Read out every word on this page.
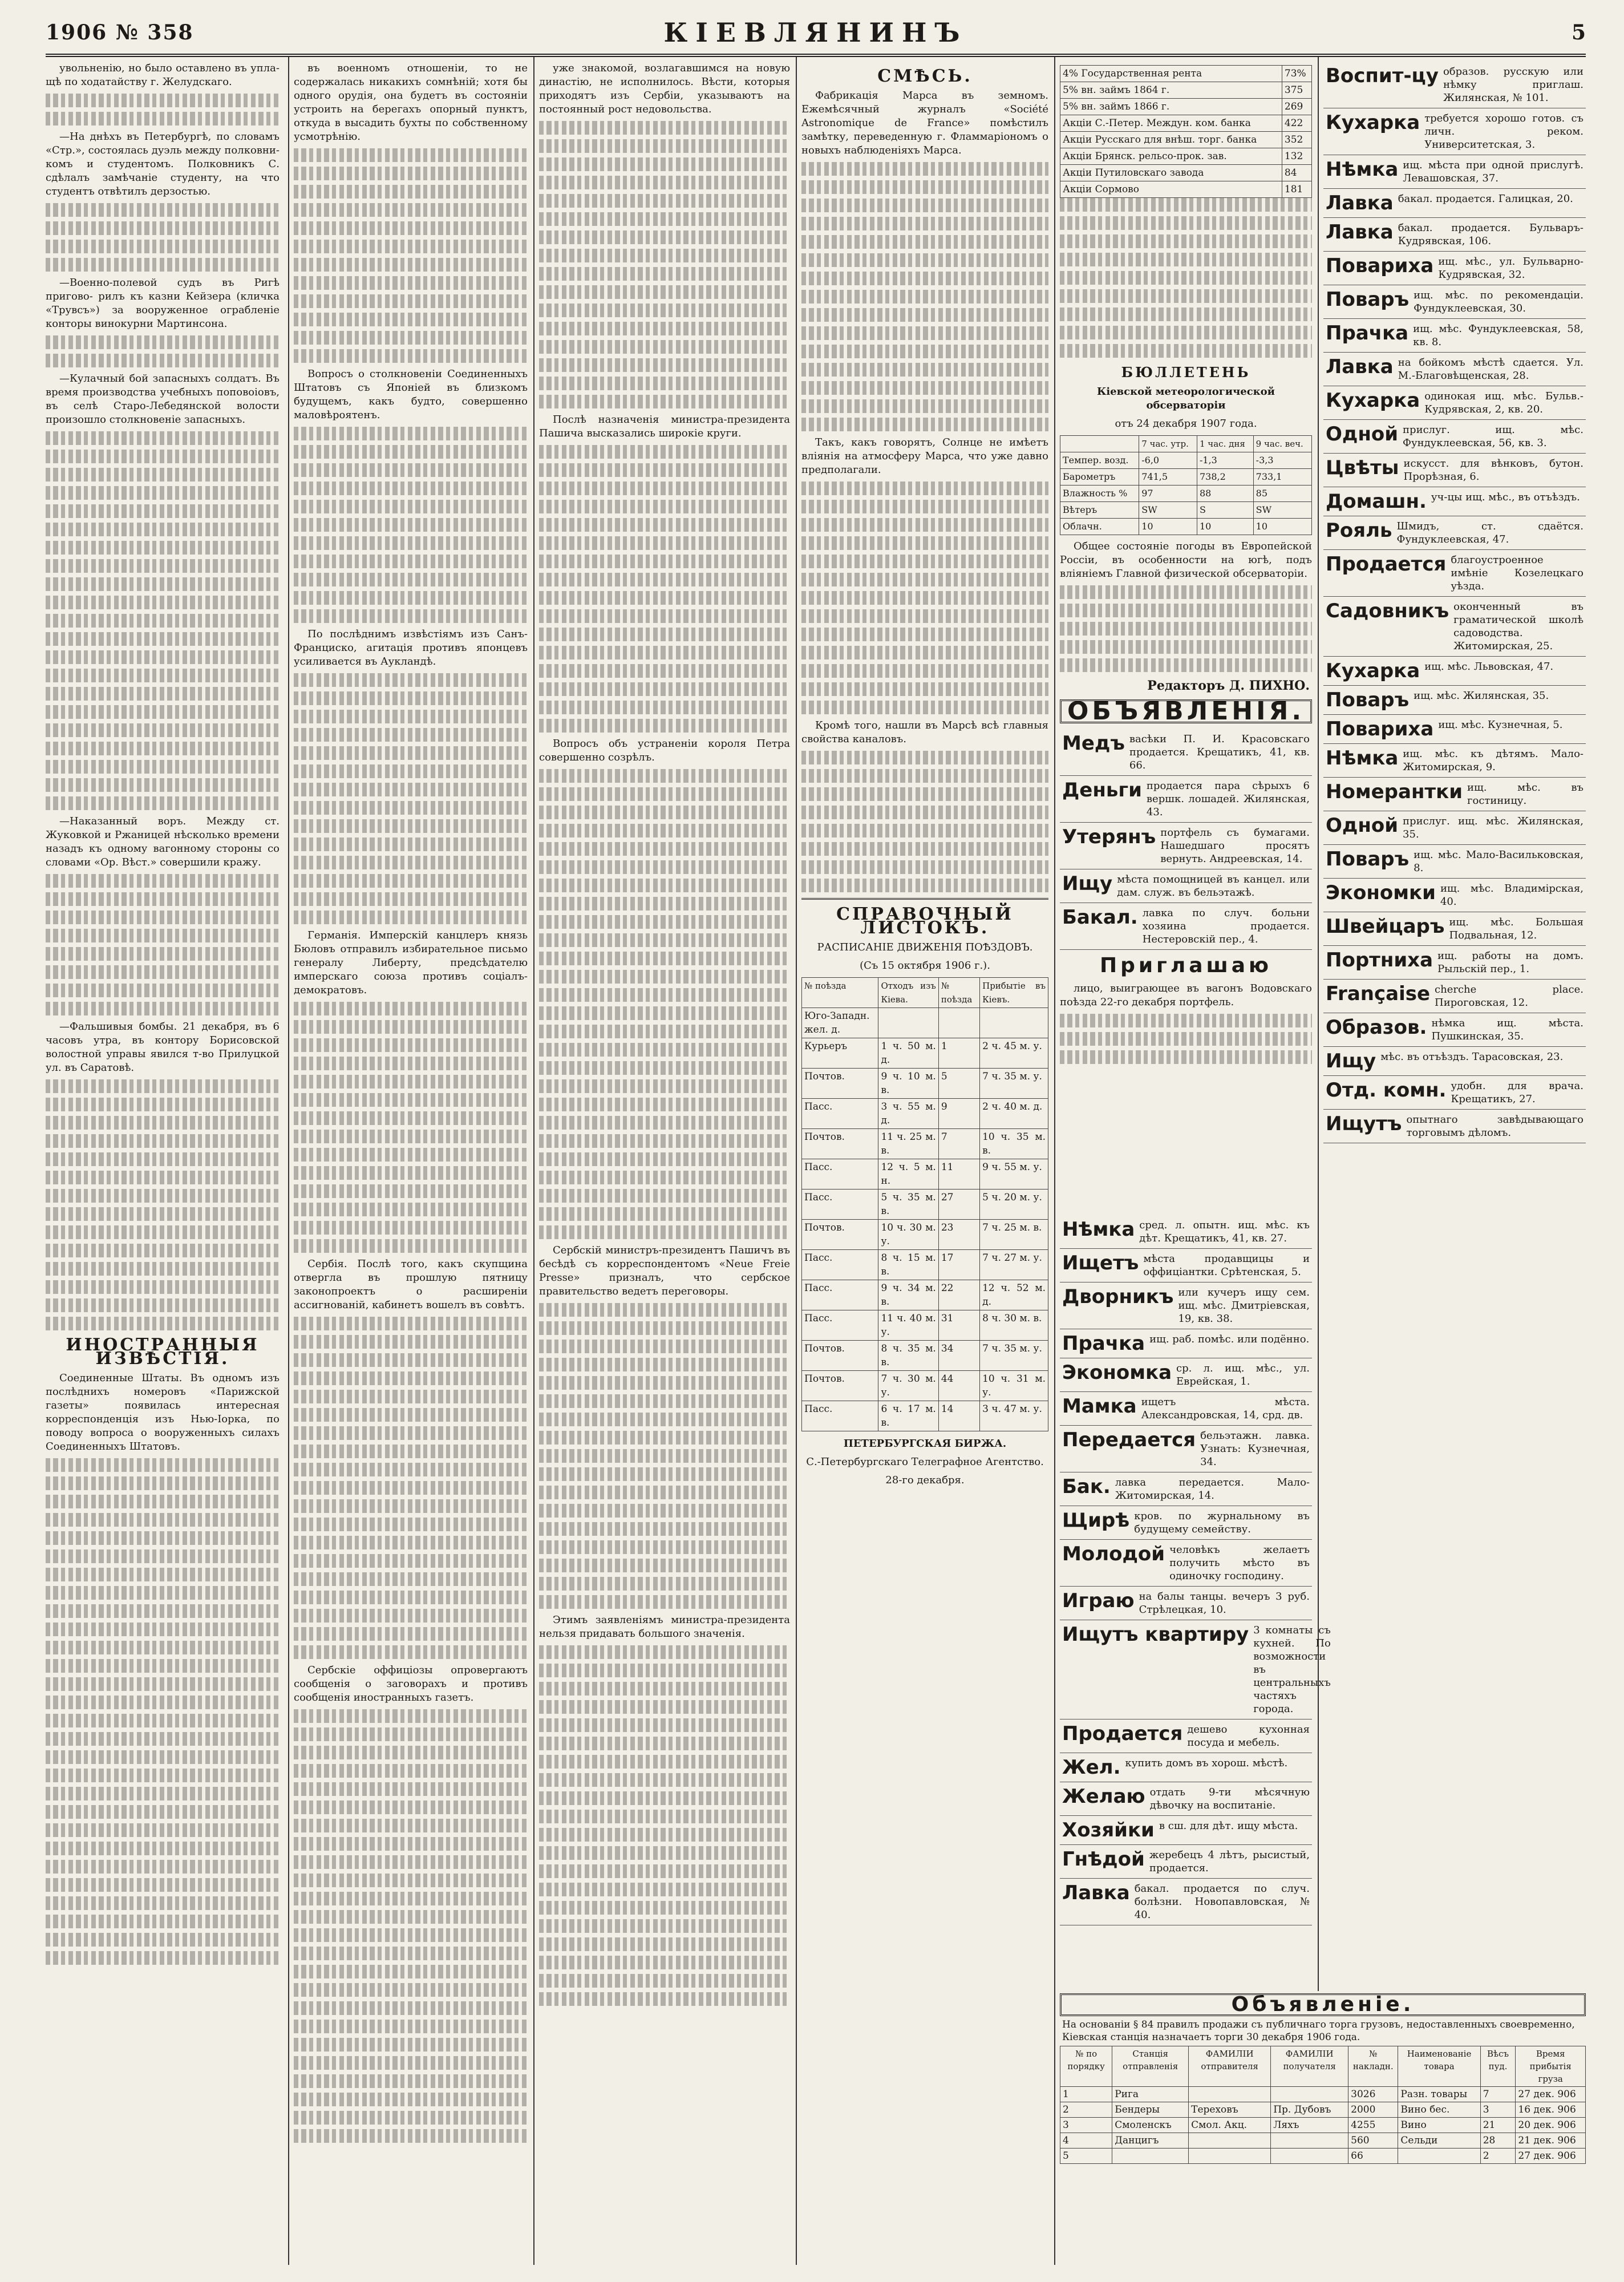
1906 № 358	КІЕВЛЯНИНЪ	5

увольненію, но было оставлено въ упла- щѣ по ходатайству г. Желудскаго.

—На днѣхъ въ Петербургѣ, по словамъ «Стр.», состоялась дуэль между полковни- комъ и студентомъ. Полковникъ С. сдѣлалъ замѣчаніе студенту, на что студентъ отвѣтилъ дерзостью.

—Военно-полевой судъ въ Ригѣ пригово- рилъ къ казни Кейзера (кличка «Трувсъ») за вооруженное ограбленіе конторы винокурни Мартинсона.

—Кулачный бой запасныхъ солдатъ. Въ время производства учебныхъ поповоіовъ, въ селѣ Старо-Лебедянской волости произошло столкновеніе запасныхъ.

—Наказанный воръ. Между ст. Жуковкой и Ржаницей нѣсколько времени назадъ къ одному вагонному стороны со словами «Ор. Вѣст.» совершили кражу.

—Фальшивыя бомбы. 21 декабря, въ 6 часовъ утра, въ контору Борисовской волостной управы явился т-во Прилуцкой ул. въ Саратовѣ.

ИНОСТРАННЫЯ ИЗВѢСТІЯ.

Соединенные Штаты. Въ одномъ изъ послѣднихъ номеровъ «Парижской газеты» появилась интересная корреспонденція изъ Нью-Іорка, по поводу вопроса о вооруженныхъ силахъ Соединенныхъ Штатовъ.

въ военномъ отношеніи, то не содержалась никакихъ сомнѣній; хотя бы одного орудія, она будетъ въ состояніи устроить на берегахъ опорный пунктъ, откуда в высадить бухты по собственному усмотрѣнію.

Вопросъ о столкновеніи Соединенныхъ Штатовъ съ Японіей въ близкомъ будущемъ, какъ будто, совершенно маловѣроятенъ.

По послѣднимъ извѣстіямъ изъ Санъ-Франциско, агитація противъ японцевъ усиливается въ Аукландѣ.

Германія. Имперскій канцлеръ князь Бюловъ отправилъ избирательное письмо генералу Либерту, предсѣдателю имперскаго союза противъ соціалъ-демократовъ.

Сербія. Послѣ того, какъ скупщина отвергла въ прошлую пятницу законопроектъ о расширеніи ассигнованій, кабинетъ вошелъ въ совѣтъ.

Сербскіе оффиціозы опровергаютъ сообщенія о заговорахъ и противъ сообщенія иностранныхъ газетъ.

уже знакомой, возлагавшимся на новую династію, не исполнилось. Вѣсти, которыя приходятъ изъ Сербіи, указываютъ на постоянный рост недовольства.

Послѣ назначенія министра-президента Пашича высказались широкіе круги.

Вопросъ объ устраненіи короля Петра совершенно созрѣлъ.

Сербскій министръ-президентъ Пашичъ въ бесѣдѣ съ корреспондентомъ «Neue Freie Presse» призналъ, что сербское правительство ведетъ переговоры.

Этимъ заявленіямъ министра-президента нельзя придавать большого значенія.

СМѢСЬ.

Фабрикація Марса въ земномъ. Ежемѣсячный журналъ «Société Astronomique de France» помѣстилъ замѣтку, переведенную г. Фламмаріономъ о новыхъ наблюденіяхъ Марса.

Такъ, какъ говорятъ, Солнце не имѣетъ вліянія на атмосферу Марса, что уже давно предполагали.

Кромѣ того, нашли въ Марсѣ всѣ главныя свойства каналовъ.

СПРАВОЧНЫЙ ЛИСТОКЪ.
РАСПИСАНІЕ ДВИЖЕНІЯ ПОѢЗДОВЪ.
(Съ 15 октября 1906 г.).
№ поѣзда	Отходъ изъ Кіева.	№ поѣзда	Прибытіе въ Кіевъ.
Юго-Западн. жел. д.			
Курьеръ	1 ч. 50 м. д.	1	2 ч. 45 м. у.
Почтов.	9 ч. 10 м. в.	5	7 ч. 35 м. у.
Пасс.	3 ч. 55 м. д.	9	2 ч. 40 м. д.
Почтов.	11 ч. 25 м. в.	7	10 ч. 35 м. в.
Пасс.	12 ч. 5 м. н.	11	9 ч. 55 м. у.
Пасс.	5 ч. 35 м. в.	27	5 ч. 20 м. у.
Почтов.	10 ч. 30 м. у.	23	7 ч. 25 м. в.
Пасс.	8 ч. 15 м. в.	17	7 ч. 27 м. у.
Пасс.	9 ч. 34 м. в.	22	12 ч. 52 м. д.
Пасс.	11 ч. 40 м. у.	31	8 ч. 30 м. в.
Почтов.	8 ч. 35 м. в.	34	7 ч. 35 м. у.
Почтов.	7 ч. 30 м. у.	44	10 ч. 31 м. у.
Пасс.	6 ч. 17 м. в.	14	3 ч. 47 м. у.
ПЕТЕРБУРГСКАЯ БИРЖА.
С.-Петербургскаго Телеграфное Агентство.
28-го декабря.
4% Государственная рента	73%
5% вн. займъ 1864 г.	375
5% вн. займъ 1866 г.	269
Акціи С.-Петер. Междун. ком. банка	422
Акціи Русскаго для внѣш. торг. банка	352
Акціи Брянск. рельсо-прок. зав.	132
Акціи Путиловскаго завода	84
Акціи Сормово	181
БЮЛЛЕТЕНЬ
Кіевской метеорологической обсерваторіи
отъ 24 декабря 1907 года.
	7 час. утр.	1 час. дня	9 час. веч.
Темпер. возд.	-6,0	-1,3	-3,3
Барометръ	741,5	738,2	733,1
Влажность %	97	88	85
Вѣтеръ	SW	S	SW
Облачн.	10	10	10

Общее состояніе погоды въ Европейской Россіи, въ особенности на югѣ, подъ вліяніемъ Главной физической обсерваторіи.

Редакторъ Д. ПИХНО.
ОБЪЯВЛЕНІЯ.
Медъ васѣки П. И. Красовскаго продается. Крещатикъ, 41, кв. 66.
Деньги продается пара сѣрыхъ 6 вершк. лошадей. Жилянская, 43.
Утерянъ портфель съ бумагами. Нашедшаго просятъ вернуть. Андреевская, 14.
Ищу мѣста помощницей въ канцел. или дам. служ. въ бельэтажѣ.
Бакал. лавка по случ. больни хозяина продается. Нестеровскій пер., 4.
Приглашаю

лицо, выиграющее въ вагонъ Водовскаго поѣзда 22-го декабря портфель.

Нѣмка сред. л. опытн. ищ. мѣс. къ дѣт. Крещатикъ, 41, кв. 27.
Ищетъ мѣста продавщицы и оффиціантки. Срѣтенская, 5.
Дворникъ или кучеръ ищу сем. ищ. мѣс. Дмитріевская, 19, кв. 38.
Прачка ищ. раб. помѣс. или подённо.
Экономка ср. л. ищ. мѣс., ул. Еврейская, 1.
Мамка ищетъ мѣста. Александровская, 14, срд. дв.
Передается бельэтажн. лавка. Узнать: Кузнечная, 34.
Бак. лавка передается. Мало-Житомирская, 14.
Щирѣ кров. по журнальному въ будущему семейству.
Молодой человѣкъ желаетъ получить мѣсто въ одиночку господину.
Играю на балы танцы. вечеръ 3 руб. Стрѣлецкая, 10.
Ищутъ квартиру 3 комнаты съ кухней. По возможности въ центральныхъ частяхъ города.
Продается дешево кухонная посуда и мебель.
Жел. купить домъ въ хорош. мѣстѣ.
Желаю отдать 9-ти мѣсячную дѣвочку на воспитаніе.
Хозяйки в сш. для дѣт. ищу мѣста.
Гнѣдой жеребецъ 4 лѣтъ, рысистый, продается.
Лавка бакал. продается по случ. болѣзни. Новопавловская, № 40.
Воспит-цу образов. русскую или нѣмку приглаш. Жилянская, № 101.
Кухарка требуется хорошо готов. съ личн. реком. Университетская, 3.
Нѣмка ищ. мѣста при одной прислугѣ. Левашовская, 37.
Лавка бакал. продается. Галицкая, 20.
Лавка бакал. продается. Бульваръ-Кудрявская, 106.
Повариха ищ. мѣс., ул. Бульварно-Кудрявская, 32.
Поваръ ищ. мѣс. по рекомендаціи. Фундуклеевская, 30.
Прачка ищ. мѣс. Фундуклеевская, 58, кв. 8.
Лавка на бойкомъ мѣстѣ сдается. Ул. М.-Благовѣщенская, 28.
Кухарка одинокая ищ. мѣс. Бульв.-Кудрявская, 2, кв. 20.
Одной прислуг. ищ. мѣс. Фундуклеевская, 56, кв. 3.
Цвѣты искусст. для вѣнковъ, бутон. Прорѣзная, 6.
Домашн. уч-цы ищ. мѣс., въ отъѣздъ.
Рояль Шмидъ, ст. сдаётся. Фундуклеевская, 47.
Продается благоустроенное имѣніе Козелецкаго уѣзда.
Садовникъ оконченный въ граматической школѣ садоводства. Житомирская, 25.
Кухарка ищ. мѣс. Львовская, 47.
Поваръ ищ. мѣс. Жилянская, 35.
Повариха ищ. мѣс. Кузнечная, 5.
Нѣмка ищ. мѣс. къ дѣтямъ. Мало-Житомирская, 9.
Номерантки ищ. мѣс. въ гостиницу.
Одной прислуг. ищ. мѣс. Жилянская, 35.
Поваръ ищ. мѣс. Мало-Васильковская, 8.
Экономки ищ. мѣс. Владимірская, 40.
Швейцаръ ищ. мѣс. Большая Подвальная, 12.
Портниха ищ. работы на домъ. Рыльскій пер., 1.
Française cherche place. Пироговская, 12.
Образов. нѣмка ищ. мѣста. Пушкинская, 35.
Ищу мѣс. въ отъѣздъ. Тарасовская, 23.
Отд. комн. удобн. для врача. Крещатикъ, 27.
Ищутъ опытнаго завѣдывающаго торговымъ дѣломъ.
Объявленіе.

На основаніи § 84 правилъ продажи съ публичнаго торга грузовъ, недоставленныхъ своевременно, Кіевская станція назначаетъ торги 30 декабря 1906 года.

№ по порядку	Станція отправленія	ФАМИЛІИ отправителя	ФАМИЛІИ получателя	№ накладн.	Наименованіе товара	Вѣсъ пуд.	Время прибытія груза
1	Рига			3026	Разн. товары	7	27 дек. 906
2	Бендеры	Тереховъ	Пр. Дубовъ	2000	Вино бес.	3	16 дек. 906
3	Смоленскъ	Смол. Акц.	Ляхъ	4255	Вино	21	20 дек. 906
4	Данцигъ			560	Сельди	28	21 дек. 906
5				66		2	27 дек. 906
